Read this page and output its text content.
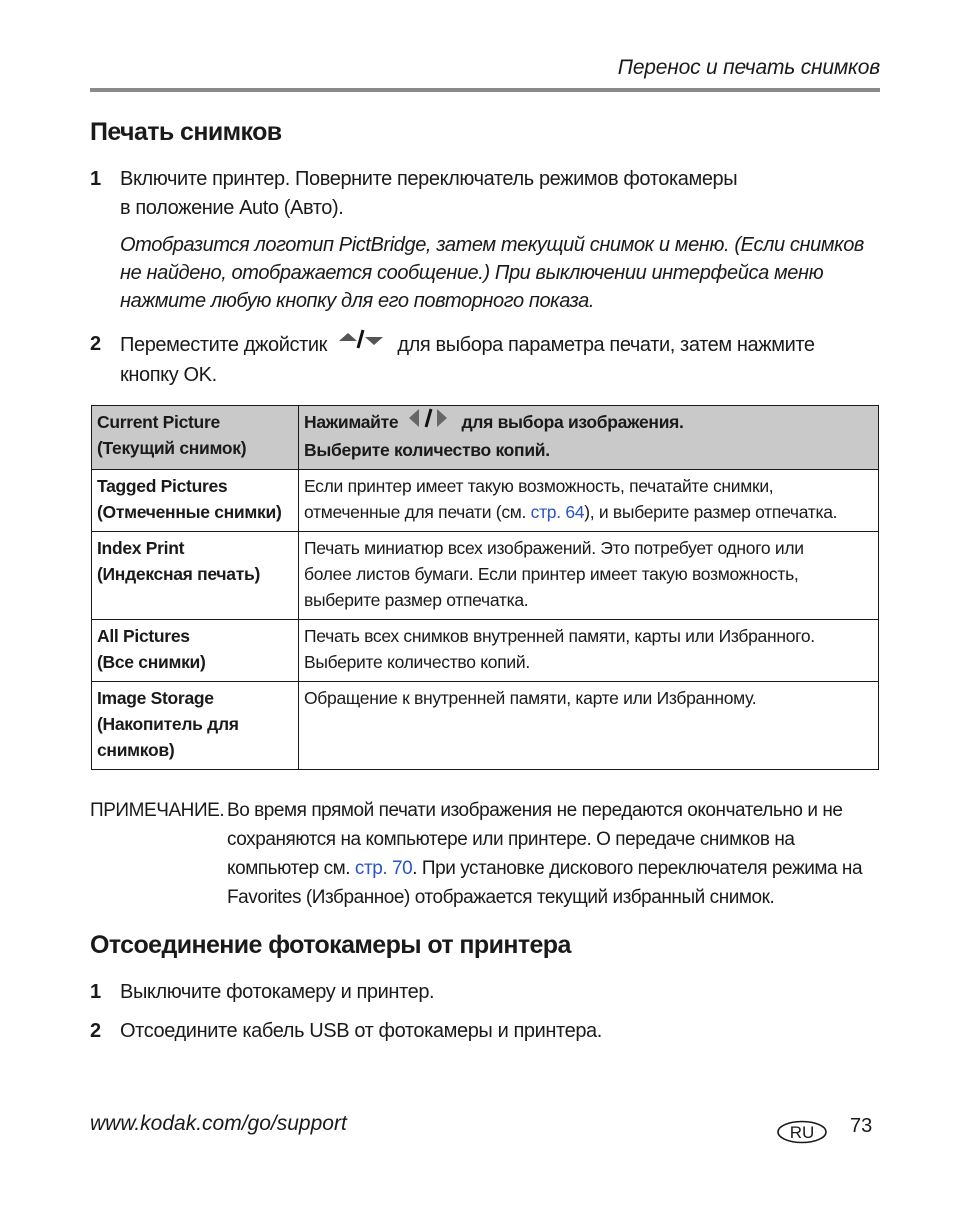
Перенос и печать снимков
Печать снимков
1 Включите принтер. Поверните переключатель режимов фотокамеры
в положение Auto (Авто).
Отобразится логотип PictBridge, затем текущий снимок и меню. (Если снимков
не найдено, отображается сообщение.) При выключении интерфейса меню
нажмите любую кнопку для его повторного показа.
2 Переместите джойстик	для выбора параметра печати, затем нажмите
кнопку OK.
Current Picture
(Текущий снимок)	Нажимайте для выбора изображения.
Выберите количество копий.

Tagged Pictures
(Отмеченные снимки)	Если принтер имеет такую возможность, печатайте снимки,
отмеченные для печати (см. стр. 64), и выберите размер отпечатка.

Index Print
(Индексная печать)	Печать миниатюр всех изображений. Это потребует одного или
более листов бумаги. Если принтер имеет такую возможность,
выберите размер отпечатка.

All Pictures
(Все снимки)	Печать всех снимков внутренней памяти, карты или Избранного.
Выберите количество копий.

Image Storage
(Накопитель для
снимков)	Обращение к внутренней памяти, карте или Избранному.
ПРИМЕЧАНИЕ. Во время прямой печати изображения не передаются окончательно и не
сохраняются на компьютере или принтере. О передаче снимков на
компьютер см. стр. 70. При установке дискового переключателя режима на
Favorites (Избранное) отображается текущий избранный снимок.
Отсоединение фотокамеры от принтера
1 Выключите фотокамеру и принтер.
2 Отсоедините кабель USB от фотокамеры и принтера.
www.kodak.com/go/support	RU 73
